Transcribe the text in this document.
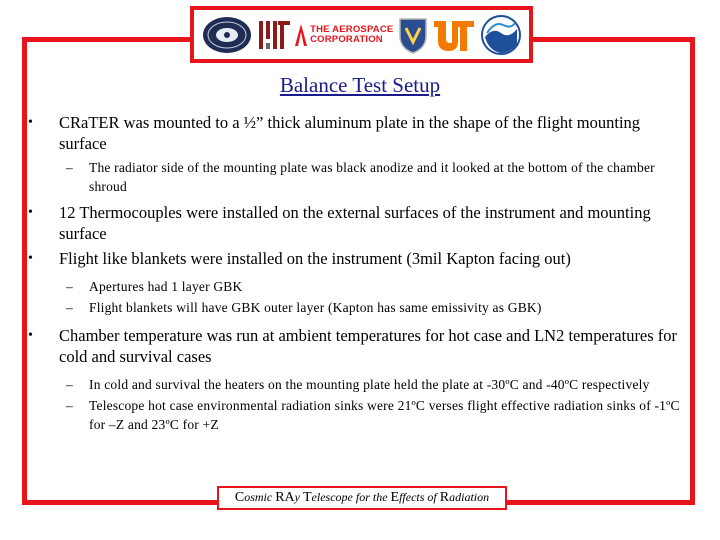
THE AEROSPACE
CORPORATION
Balance Test Setup
• CRaTER was mounted to a ½” thick aluminum plate in the shape of the flight mounting surface
– The radiator side of the mounting plate was black anodize and it looked at the bottom of the chamber shroud
• 12 Thermocouples were installed on the external surfaces of the instrument and mounting surface
• Flight like blankets were installed on the instrument (3mil Kapton facing out)
– Apertures had 1 layer GBK
– Flight blankets will have GBK outer layer (Kapton has same emissivity as GBK)
• Chamber temperature was run at ambient temperatures for hot case and LN2 temperatures for cold and survival cases
– In cold and survival the heaters on the mounting plate held the plate at -30ºC and -40ºC respectively
– Telescope hot case environmental radiation sinks were 21ºC verses flight effective radiation sinks of -1ºC for –Z and 23ºC for +Z
Cosmic RAy Telescope for the Effects of Radiation
